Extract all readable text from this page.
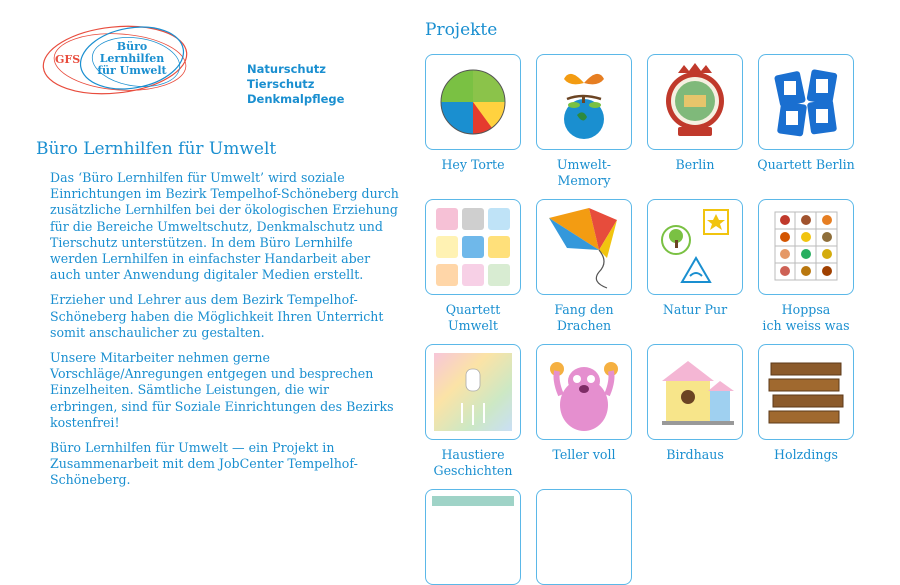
GFS
Büro
Lernhilfen
für Umwelt	Naturschutz
Tierschutz
Denkmalpflege
Büro Lernhilfen für Umwelt

Das ‘Büro Lernhilfen für Umwelt’ wird soziale Einrichtungen im Bezirk Tempelhof-Schöneberg durch zusätzliche Lernhilfen bei der ökologischen Erziehung für die Bereiche Umweltschutz, Denkmalschutz und Tierschutz unterstützen. In dem Büro Lernhilfe werden Lernhilfen in einfachster Handarbeit aber auch unter Anwendung digitaler Medien erstellt.

Erzieher und Lehrer aus dem Bezirk Tempelhof-Schöneberg haben die Möglichkeit Ihren Unterricht somit anschaulicher zu gestalten.

Unsere Mitarbeiter nehmen gerne Vorschläge/Anregungen entgegen und besprechen Einzelheiten. Sämtliche Leistungen, die wir erbringen, sind für Soziale Einrichtungen des Bezirks kostenfrei!

Büro Lernhilfen für Umwelt — ein Projekt in Zusammenarbeit mit dem JobCenter Tempelhof-Schöneberg.

Projekte
Hey Torte	Umwelt-
Memory
Berlin	Quartett Berlin
Quartett
Umwelt
Fang den
Drachen
Natur Pur	Hoppsa
ich weiss was
Haustiere
Geschichten
Teller voll	Birdhaus	Holzdings
